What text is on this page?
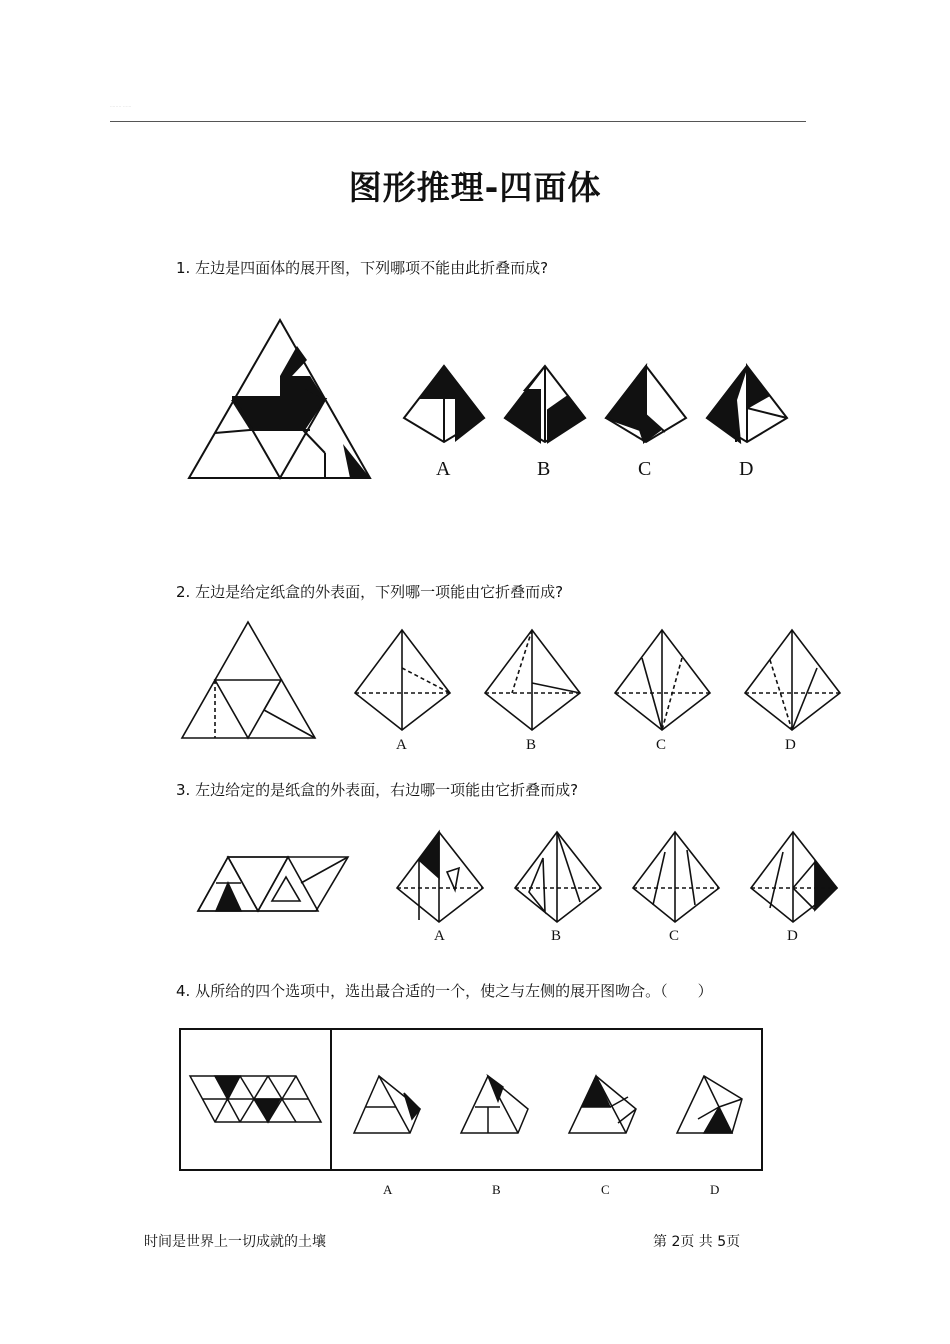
........ ......
图形推理-四面体
1. 左边是四面体的展开图，下列哪项不能由此折叠而成?
A	B	C	D
2. 左边是给定纸盒的外表面，下列哪一项能由它折叠而成?
A	B	C	D
3. 左边给定的是纸盒的外表面，右边哪一项能由它折叠而成?
A	B	C	D
4. 从所给的四个选项中，选出最合适的一个，使之与左侧的展开图吻合。（　　）
A	B	C	D
时间是世界上一切成就的土壤	第 2页 共 5页
